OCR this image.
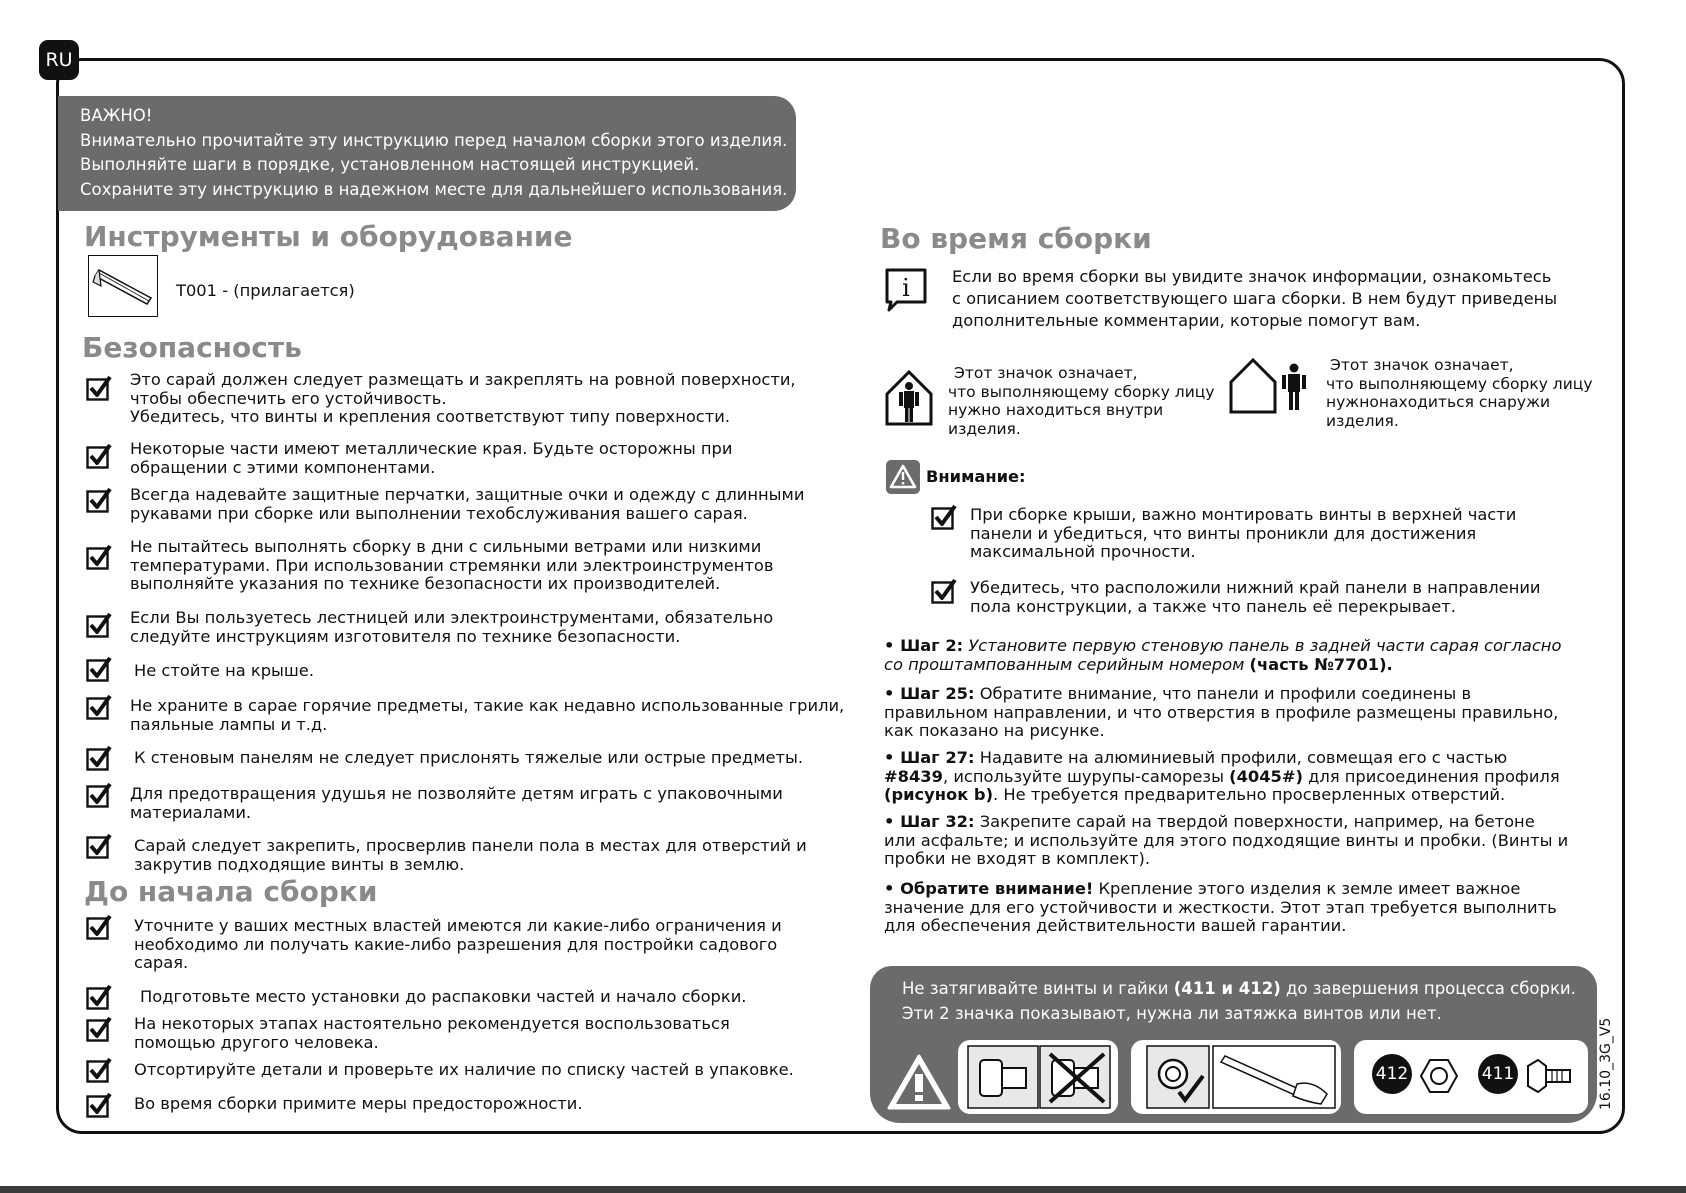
RU
ВАЖНО!
Внимательно прочитайте эту инструкцию перед началом сборки этого изделия.
Выполняйте шаги в порядке, установленном настоящей инструкцией.
Сохраните эту инструкцию в надежном месте для дальнейшего использования.
Инструменты и оборудование
T001 - (прилагается)
Безопасность
Это сарай должен следует размещать и закреплять на ровной поверхности,
чтобы обеспечить его устойчивость.
Убедитесь, что винты и крепления соответствуют типу поверхности.
Некоторые части имеют металлические края. Будьте осторожны при
обращении с этими компонентами.
Всегда надевайте защитные перчатки, защитные очки и одежду с длинными
рукавами при сборке или выполнении техобслуживания вашего сарая.
Не пытайтесь выполнять сборку в дни с сильными ветрами или низкими
температурами. При использовании стремянки или электроинструментов
выполняйте указания по технике безопасности их производителей.
Если Вы пользуетесь лестницей или электроинструментами, обязательно
следуйте инструкциям изготовителя по технике безопасности.
Не стойте на крыше.
Не храните в сарае горячие предметы, такие как недавно использованные грили,
паяльные лампы и т.д.
К стеновым панелям не следует прислонять тяжелые или острые предметы.
Для предотвращения удушья не позволяйте детям играть с упаковочными
материалами.
Сарай следует закрепить, просверлив панели пола в местах для отверстий и
закрутив подходящие винты в землю.
До начала сборки
Уточните у ваших местных властей имеются ли какие-либо ограничения и
необходимо ли получать какие-либо разрешения для постройки садового
сарая.
Подготовьте место установки до распаковки частей и начало сборки.
На некоторых этапах настоятельно рекомендуется воспользоваться
помощью другого человека.
Отсортируйте детали и проверьте их наличие по списку частей в упаковке.
Во время сборки примите меры предосторожности.
Во время сборки
i	Если во время сборки вы увидите значок информации, ознакомьтесь
с описанием соответствующего шага сборки. В нем будут приведены
дополнительные комментарии, которые помогут вам.
Этот значок означает,
что выполняющему сборку лицу
нужно находиться внутри
изделия.
Этот значок означает,
что выполняющему сборку лицу
нужнонаходиться снаружи
изделия.
Внимание:
При сборке крыши, важно монтировать винты в верхней части
панели и убедиться, что винты проникли для достижения
максимальной прочности.
Убедитесь, что расположили нижний край панели в направлении
пола конструкции, а также что панель её перекрывает.
• Шаг 2: Установите первую стеновую панель в задней части сарая согласно
со проштампованным серийным номером (часть №7701).
• Шаг 25: Обратите внимание, что панели и профили соединены в
правильном направлении, и что отверстия в профиле размещены правильно,
как показано на рисунке.
• Шаг 27: Надавите на алюминиевый профили, совмещая его с частью
#8439, используйте шурупы-саморезы (4045#) для присоединения профиля
(рисунок b). Не требуется предварительно просверленных отверстий.
• Шаг 32: Закрепите сарай на твердой поверхности, например, на бетоне
или асфальте; и используйте для этого подходящие винты и пробки. (Винты и
пробки не входят в комплект).
• Обратите внимание! Крепление этого изделия к земле имеет важное
значение для его устойчивости и жесткости. Этот этап требуется выполнить
для обеспечения действительности вашей гарантии.
Не затягивайте винты и гайки (411 и 412) до завершения процесса сборки.
Эти 2 значка показывают, нужна ли затяжка винтов или нет.
412	411	16.10_3G_V5
